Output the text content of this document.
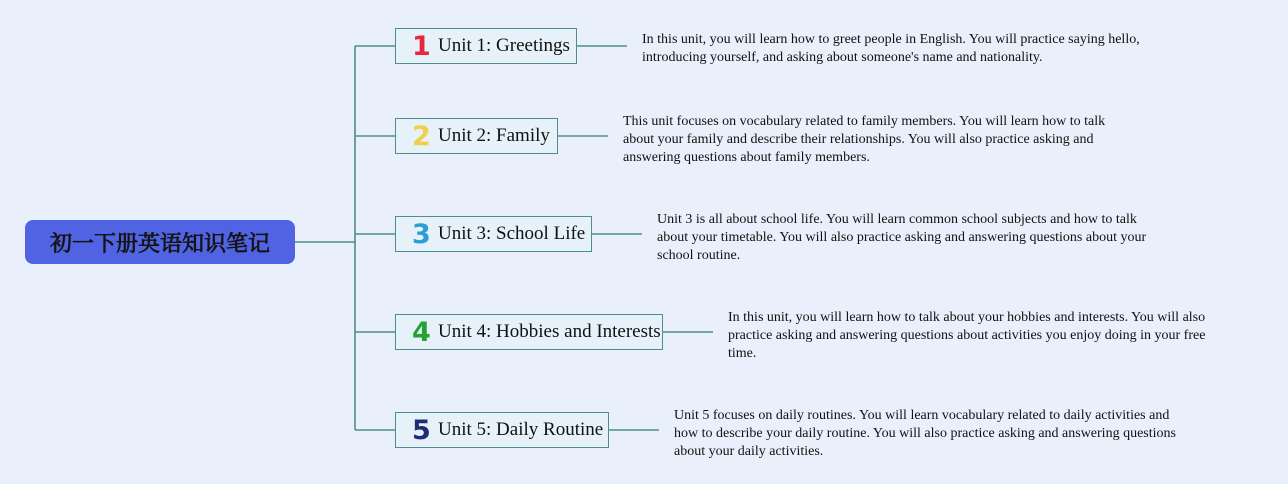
初一下册英语知识笔记
1 Unit 1: Greetings	In this unit, you will learn how to greet people in English. You will practice saying hello, introducing yourself, and asking about someone's name and nationality.
2 Unit 2: Family
This unit focuses on vocabulary related to family members. You will learn how to talk about your family and describe their relationships. You will also practice asking and answering questions about family members.
3 Unit 3: School Life
Unit 3 is all about school life. You will learn common school subjects and how to talk about your timetable. You will also practice asking and answering questions about your school routine.
4 Unit 4: Hobbies and Interests
In this unit, you will learn how to talk about your hobbies and interests. You will also practice asking and answering questions about activities you enjoy doing in your free time.
5 Unit 5: Daily Routine
Unit 5 focuses on daily routines. You will learn vocabulary related to daily activities and how to describe your daily routine. You will also practice asking and answering questions about your daily activities.
